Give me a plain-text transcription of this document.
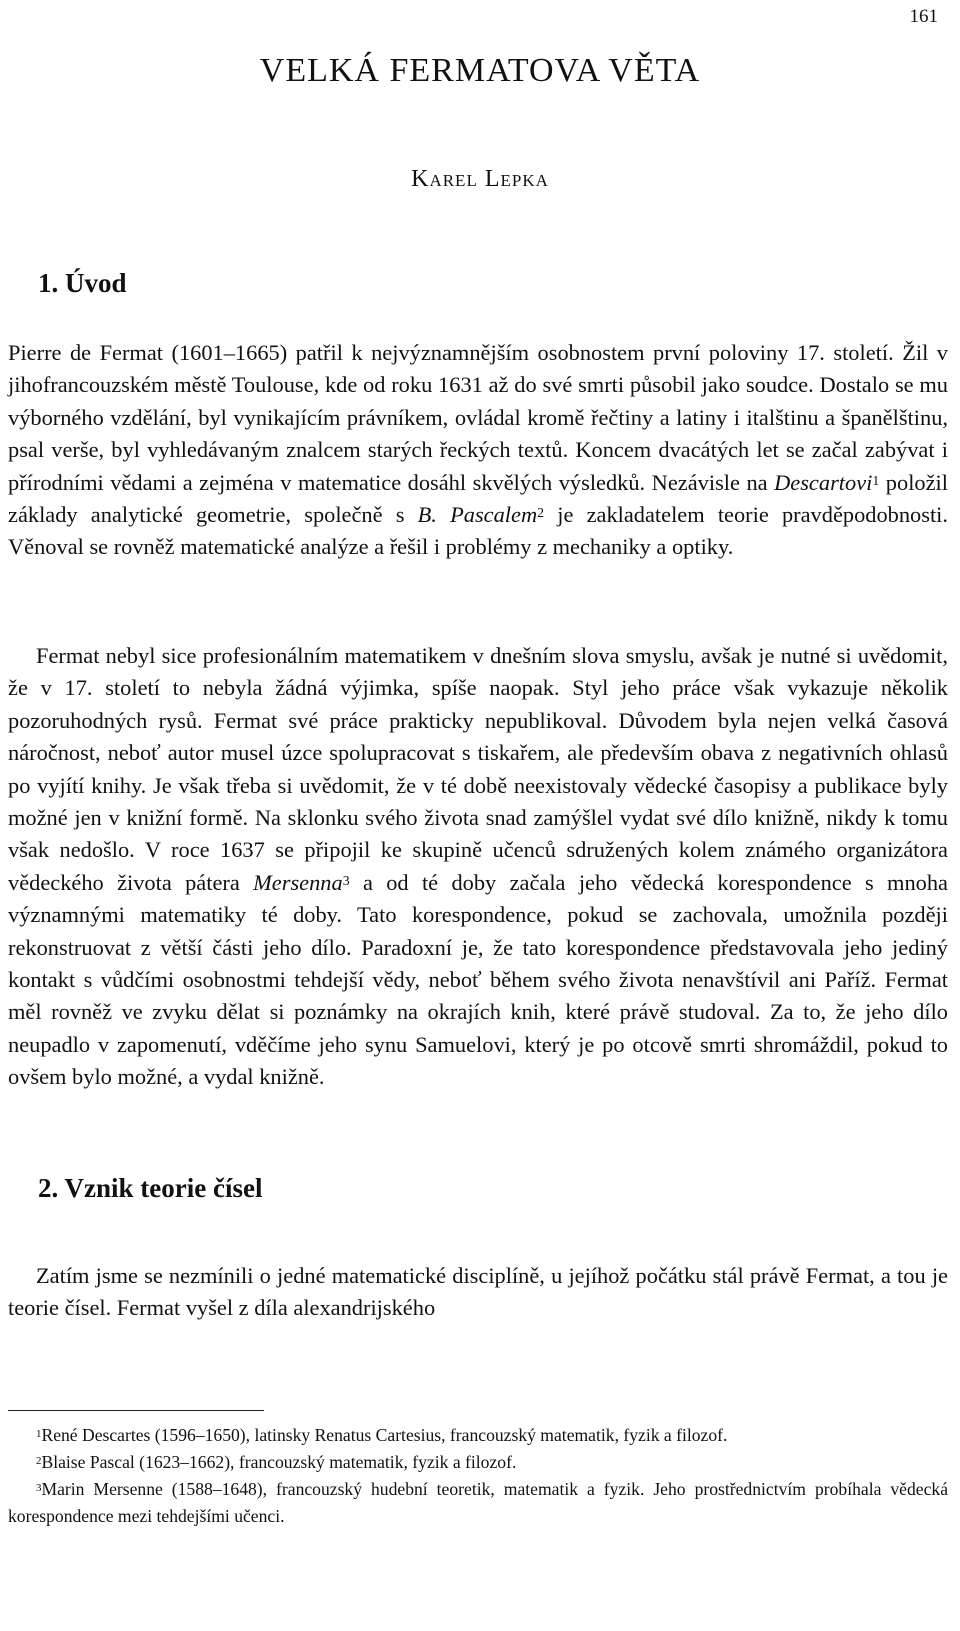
161
VELKÁ FERMATOVA VĚTA
KAREL LEPKA
1. Úvod

Pierre de Fermat (1601–1665) patřil k nejvýznamnějším osobnostem první poloviny 17. století. Žil v jihofrancouzském městě Toulouse, kde od roku 1631 až do své smrti působil jako soudce. Dostalo se mu výborného vzdělání, byl vynikajícím právníkem, ovládal kromě řečtiny a latiny i italštinu a španělštinu, psal verše, byl vyhledávaným znalcem starých řeckých textů. Koncem dvacátých let se začal zabývat i přírodními vědami a zejména v matematice dosáhl skvělých výsledků. Nezávisle na Descartovi$^1$ položil základy analytické geometrie, společně s B. Pascalem$^2$ je zakladatelem teorie pravděpodobnosti. Věnoval se rovněž matematické analýze a řešil i problémy z mechaniky a optiky.

Fermat nebyl sice profesionálním matematikem v dnešním slova smyslu, avšak je nutné si uvědomit, že v 17. století to nebyla žádná výjimka, spíše naopak. Styl jeho práce však vykazuje několik pozoruhodných rysů. Fermat své práce prakticky nepublikoval. Důvodem byla nejen velká časová náročnost, neboť autor musel úzce spolupracovat s tiskařem, ale především obava z negativních ohlasů po vyjítí knihy. Je však třeba si uvědomit, že v té době neexistovaly vědecké časopisy a publikace byly možné jen v knižní formě. Na sklonku svého života snad zamýšlel vydat své dílo knižně, nikdy k tomu však nedošlo. V roce 1637 se připojil ke skupině učenců sdružených kolem známého organizátora vědeckého života pátera Mersenna$^3$ a od té doby začala jeho vědecká korespondence s mnoha významnými matematiky té doby. Tato korespondence, pokud se zachovala, umožnila později rekonstruovat z větší části jeho dílo. Paradoxní je, že tato korespondence představovala jeho jediný kontakt s vůdčími osobnostmi tehdejší vědy, neboť během svého života nenavštívil ani Paříž. Fermat měl rovněž ve zvyku dělat si poznámky na okrajích knih, které právě studoval. Za to, že jeho dílo neupadlo v zapomenutí, vděčíme jeho synu Samuelovi, který je po otcově smrti shromáždil, pokud to ovšem bylo možné, a vydal knižně.

2. Vznik teorie čísel

Zatím jsme se nezmínili o jedné matematické disciplíně, u jejíhož počátku stál právě Fermat, a tou je teorie čísel. Fermat vyšel z díla alexandrijského

$^1$René Descartes (1596–1650), latinsky Renatus Cartesius, francouzský matematik, fyzik a filozof.

$^2$Blaise Pascal (1623–1662), francouzský matematik, fyzik a filozof.

$^3$Marin Mersenne (1588–1648), francouzský hudební teoretik, matematik a fyzik. Jeho prostřednictvím probíhala vědecká korespondence mezi tehdejšími učenci.
